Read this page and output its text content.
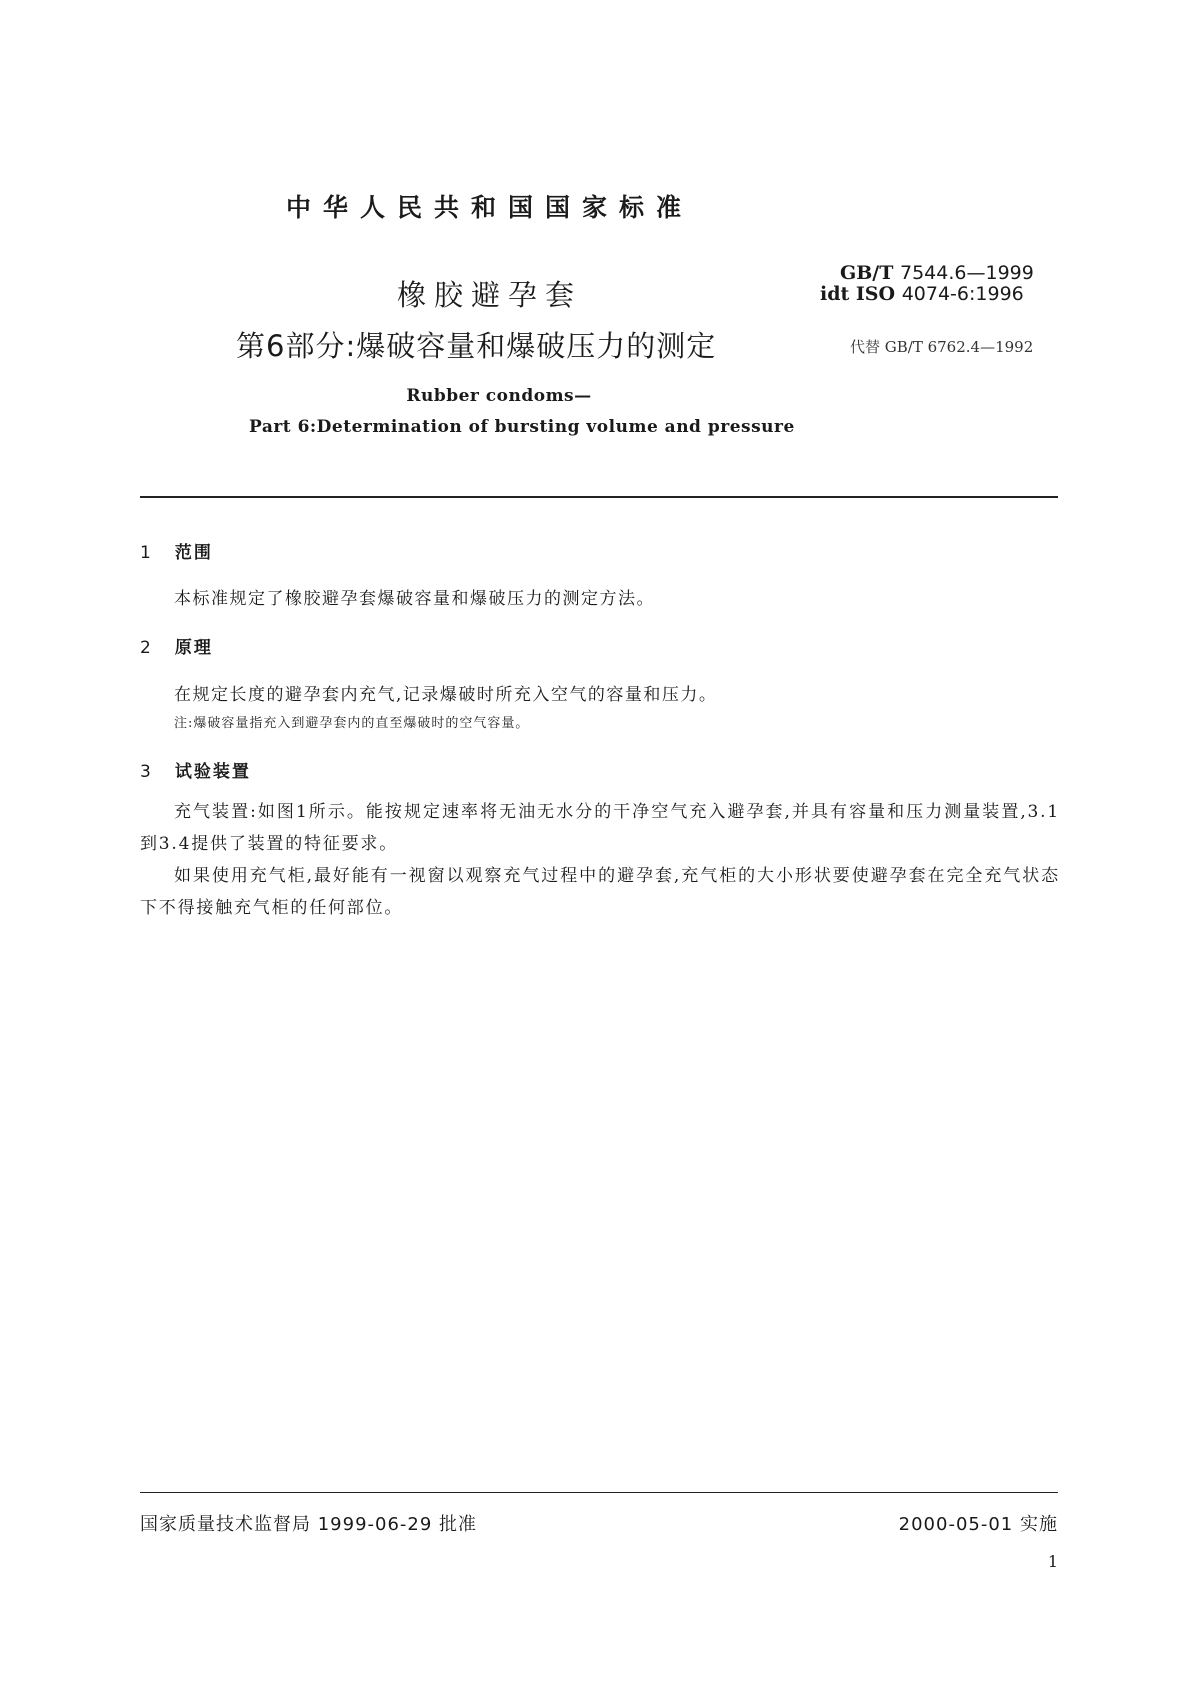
中华人民共和国国家标准
橡胶避孕套
第6部分:爆破容量和爆破压力的测定
GB/T 7544.6—1999
idt ISO 4074-6:1996
代替 GB/T 6762.4—1992
Rubber condoms—
Part 6:Determination of bursting volume and pressure
1 范围
本标准规定了橡胶避孕套爆破容量和爆破压力的测定方法。
2 原理
在规定长度的避孕套内充气,记录爆破时所充入空气的容量和压力。
注:爆破容量指充入到避孕套内的直至爆破时的空气容量。
3 试验装置

充气装置:如图1所示。能按规定速率将无油无水分的干净空气充入避孕套,并具有容量和压力测量装置,3.1到3.4提供了装置的特征要求。

如果使用充气柜,最好能有一视窗以观察充气过程中的避孕套,充气柜的大小形状要使避孕套在完全充气状态下不得接触充气柜的任何部位。

国家质量技术监督局 1999-06-29 批准	2000-05-01 实施
1
